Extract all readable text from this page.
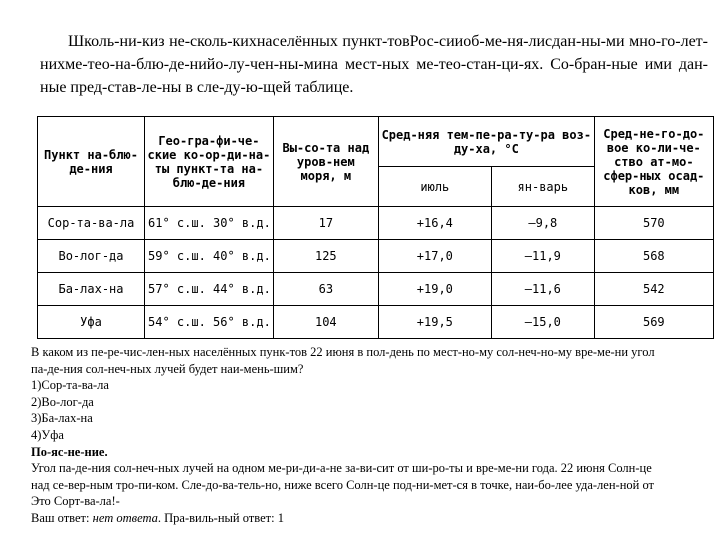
Школь-ни-киз не-сколь-кихнаселённых пункт-товРос-сииоб-ме-ня-лисдан-ны-ми мно-го-лет-нихме-тео-на-блю-де-нийо-лу-чен-ны-мина мест-ных ме-тео-стан-ци-ях. Со-бран-ные ими дан-ные пред-став-ле-ны в сле-ду-ю-щей таблице.

Пункт на-блю-де-ния	Гео-гра-фи-че-ские ко-ор-ди-на-ты пункт-та на-блю-де-ния	Вы-со-та над уров-нем моря, м	Сред-няя тем-пе-ра-ту-ра воз-ду-ха, °С		Сред-не-го-до-вое ко-ли-че-ство ат-мо-сфер-ных осад-ков, мм
			июль	ян-варь	
Сор-та-ва-ла	61° с.ш. 30° в.д.	17	+16,4	–9,8	570
Во-лог-да	59° с.ш. 40° в.д.	125	+17,0	–11,9	568
Ба-лах-на	57° с.ш. 44° в.д.	63	+19,0	–11,6	542
Уфа	54° с.ш. 56° в.д.	104	+19,5	–15,0	569
В каком из пе-ре-чис-лен-ных населённых пунк-тов 22 июня в пол-день по мест-но-му сол-неч-но-му вре-ме-ни угол
па-де-ния сол-неч-ных лучей будет наи-мень-шим?
1)Сор-та-ва-ла
2)Во-лог-да
3)Ба-лах-на
4)Уфа
По-яс-не-ние.
Угол па-де-ния сол-неч-ных лучей на одном ме-ри-ди-а-не за-ви-сит от ши-ро-ты и вре-ме-ни года. 22 июня Солн-це
над се-вер-ным тро-пи-ком. Сле-до-ва-тель-но, ниже всего Солн-це под-ни-мет-ся в точке, наи-бо-лее уда-лен-ной от
Это Сорт-ва-ла!-
Ваш ответ: нет ответа. Пра-виль-ный ответ: 1
